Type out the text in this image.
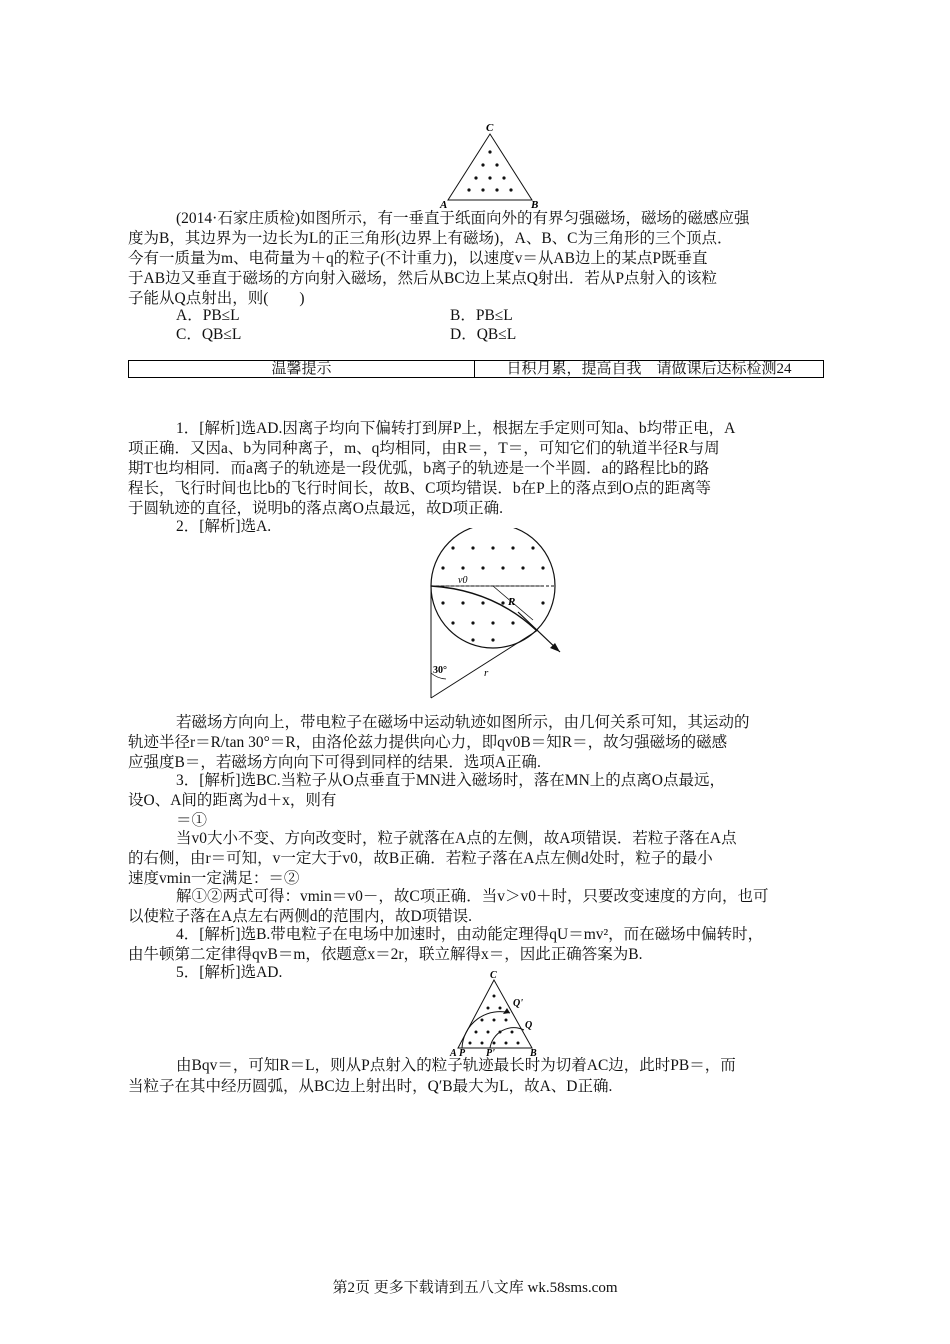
C
A	B
(2014·石家庄质检)如图所示，有一垂直于纸面向外的有界匀强磁场，磁场的磁感应强
度为B，其边界为一边长为L的正三角形(边界上有磁场)，A、B、C为三角形的三个顶点．
今有一质量为m、电荷量为＋q的粒子(不计重力)，以速度v＝从AB边上的某点P既垂直
于AB边又垂直于磁场的方向射入磁场，然后从BC边上某点Q射出．若从P点射入的该粒
子能从Q点射出，则(　　)
A．PB≤L	B．PB≤L
C．QB≤L	D．QB≤L
温馨提示	日积月累，提高自我　请做课后达标检测24
1．[解析]选AD.因离子均向下偏转打到屏P上，根据左手定则可知a、b均带正电，A
项正确．又因a、b为同种离子，m、q均相同，由R＝，T＝，可知它们的轨道半径R与周
期T也均相同．而a离子的轨迹是一段优弧，b离子的轨迹是一个半圆．a的路程比b的路
程长，飞行时间也比b的飞行时间长，故B、C项均错误．b在P上的落点到O点的距离等
于圆轨迹的直径，说明b的落点离O点最远，故D项正确.
2．[解析]选A.
v0
R
30°	r
若磁场方向向上，带电粒子在磁场中运动轨迹如图所示，由几何关系可知，其运动的
轨迹半径r＝R/tan 30°＝R，由洛伦兹力提供向心力，即qv0B＝知R＝，故匀强磁场的磁感
应强度B＝，若磁场方向向下可得到同样的结果．选项A正确.
3．[解析]选BC.当粒子从O点垂直于MN进入磁场时，落在MN上的点离O点最远，
设O、A间的距离为d＋x，则有
＝①
当v0大小不变、方向改变时，粒子就落在A点的左侧，故A项错误．若粒子落在A点
的右侧，由r＝可知，v一定大于v0，故B正确．若粒子落在A点左侧d处时，粒子的最小
速度vmin一定满足：＝②
解①②两式可得：vmin＝v0－，故C项正确．当v＞v0＋时，只要改变速度的方向，也可
以使粒子落在A点左右两侧d的范围内，故D项错误.
4．[解析]选B.带电粒子在电场中加速时，由动能定理得qU＝mv²，而在磁场中偏转时，
由牛顿第二定律得qvB＝m，依题意x＝2r，联立解得x＝，因此正确答案为B.
5．[解析]选AD.	C
Q'
Q
A P P'	B
由Bqv＝，可知R＝L，则从P点射入的粒子轨迹最长时为切着AC边，此时PB＝，而
当粒子在其中经历圆弧，从BC边上射出时，Q′B最大为L，故A、D正确.
第2页 更多下载请到五八文库 wk.58sms.com
